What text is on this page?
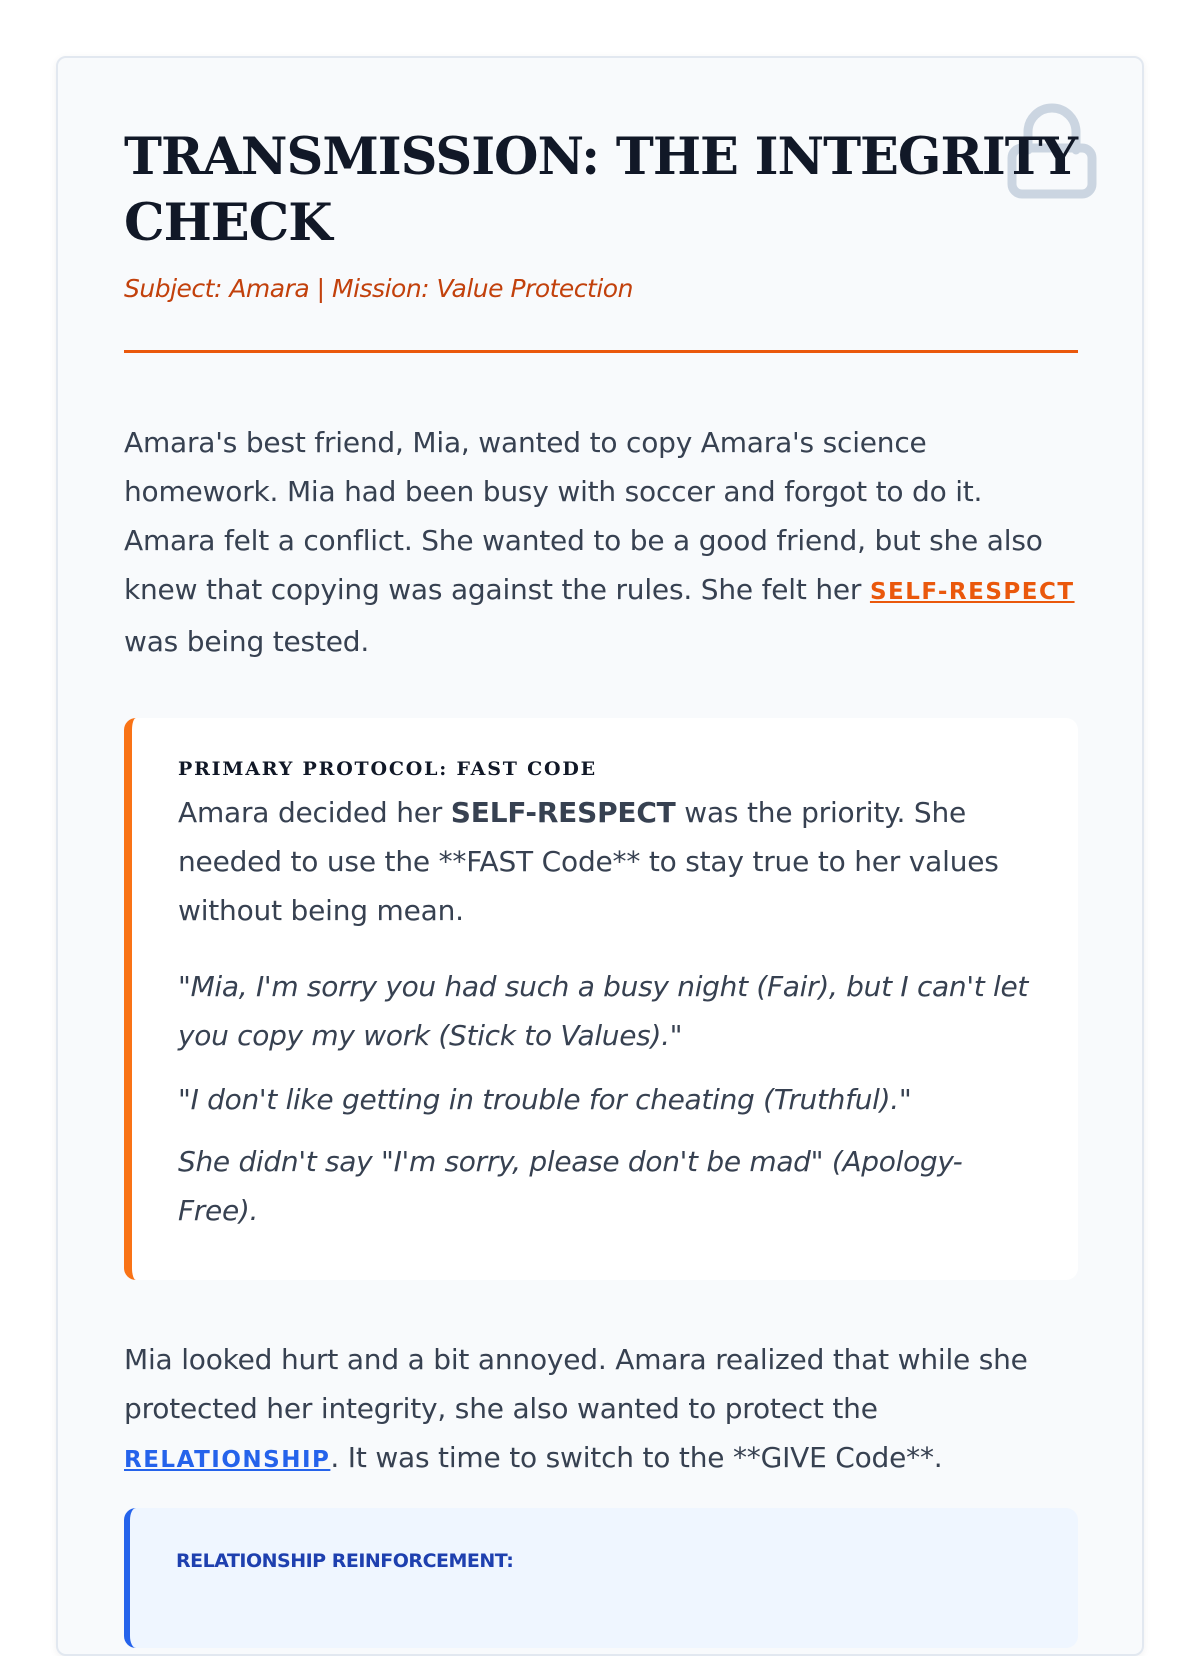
TRANSMISSION: THE INTEGRITY CHECK
Subject: Amara | Mission: Value Protection

Amara's best friend, Mia, wanted to copy Amara's science homework. Mia had been busy with soccer and forgot to do it. Amara felt a conflict. She wanted to be a good friend, but she also knew that copying was against the rules. She felt her SELF-RESPECT was being tested.

PRIMARY PROTOCOL: FAST CODE

Amara decided her SELF-RESPECT was the priority. She needed to use the **FAST Code** to stay true to her values without being mean.

"Mia, I'm sorry you had such a busy night (Fair), but I can't let you copy my work (Stick to Values)."

"I don't like getting in trouble for cheating (Truthful)."

She didn't say "I'm sorry, please don't be mad" (Apology-Free).

Mia looked hurt and a bit annoyed. Amara realized that while she protected her integrity, she also wanted to protect the RELATIONSHIP. It was time to switch to the **GIVE Code**.

RELATIONSHIP REINFORCEMENT:
